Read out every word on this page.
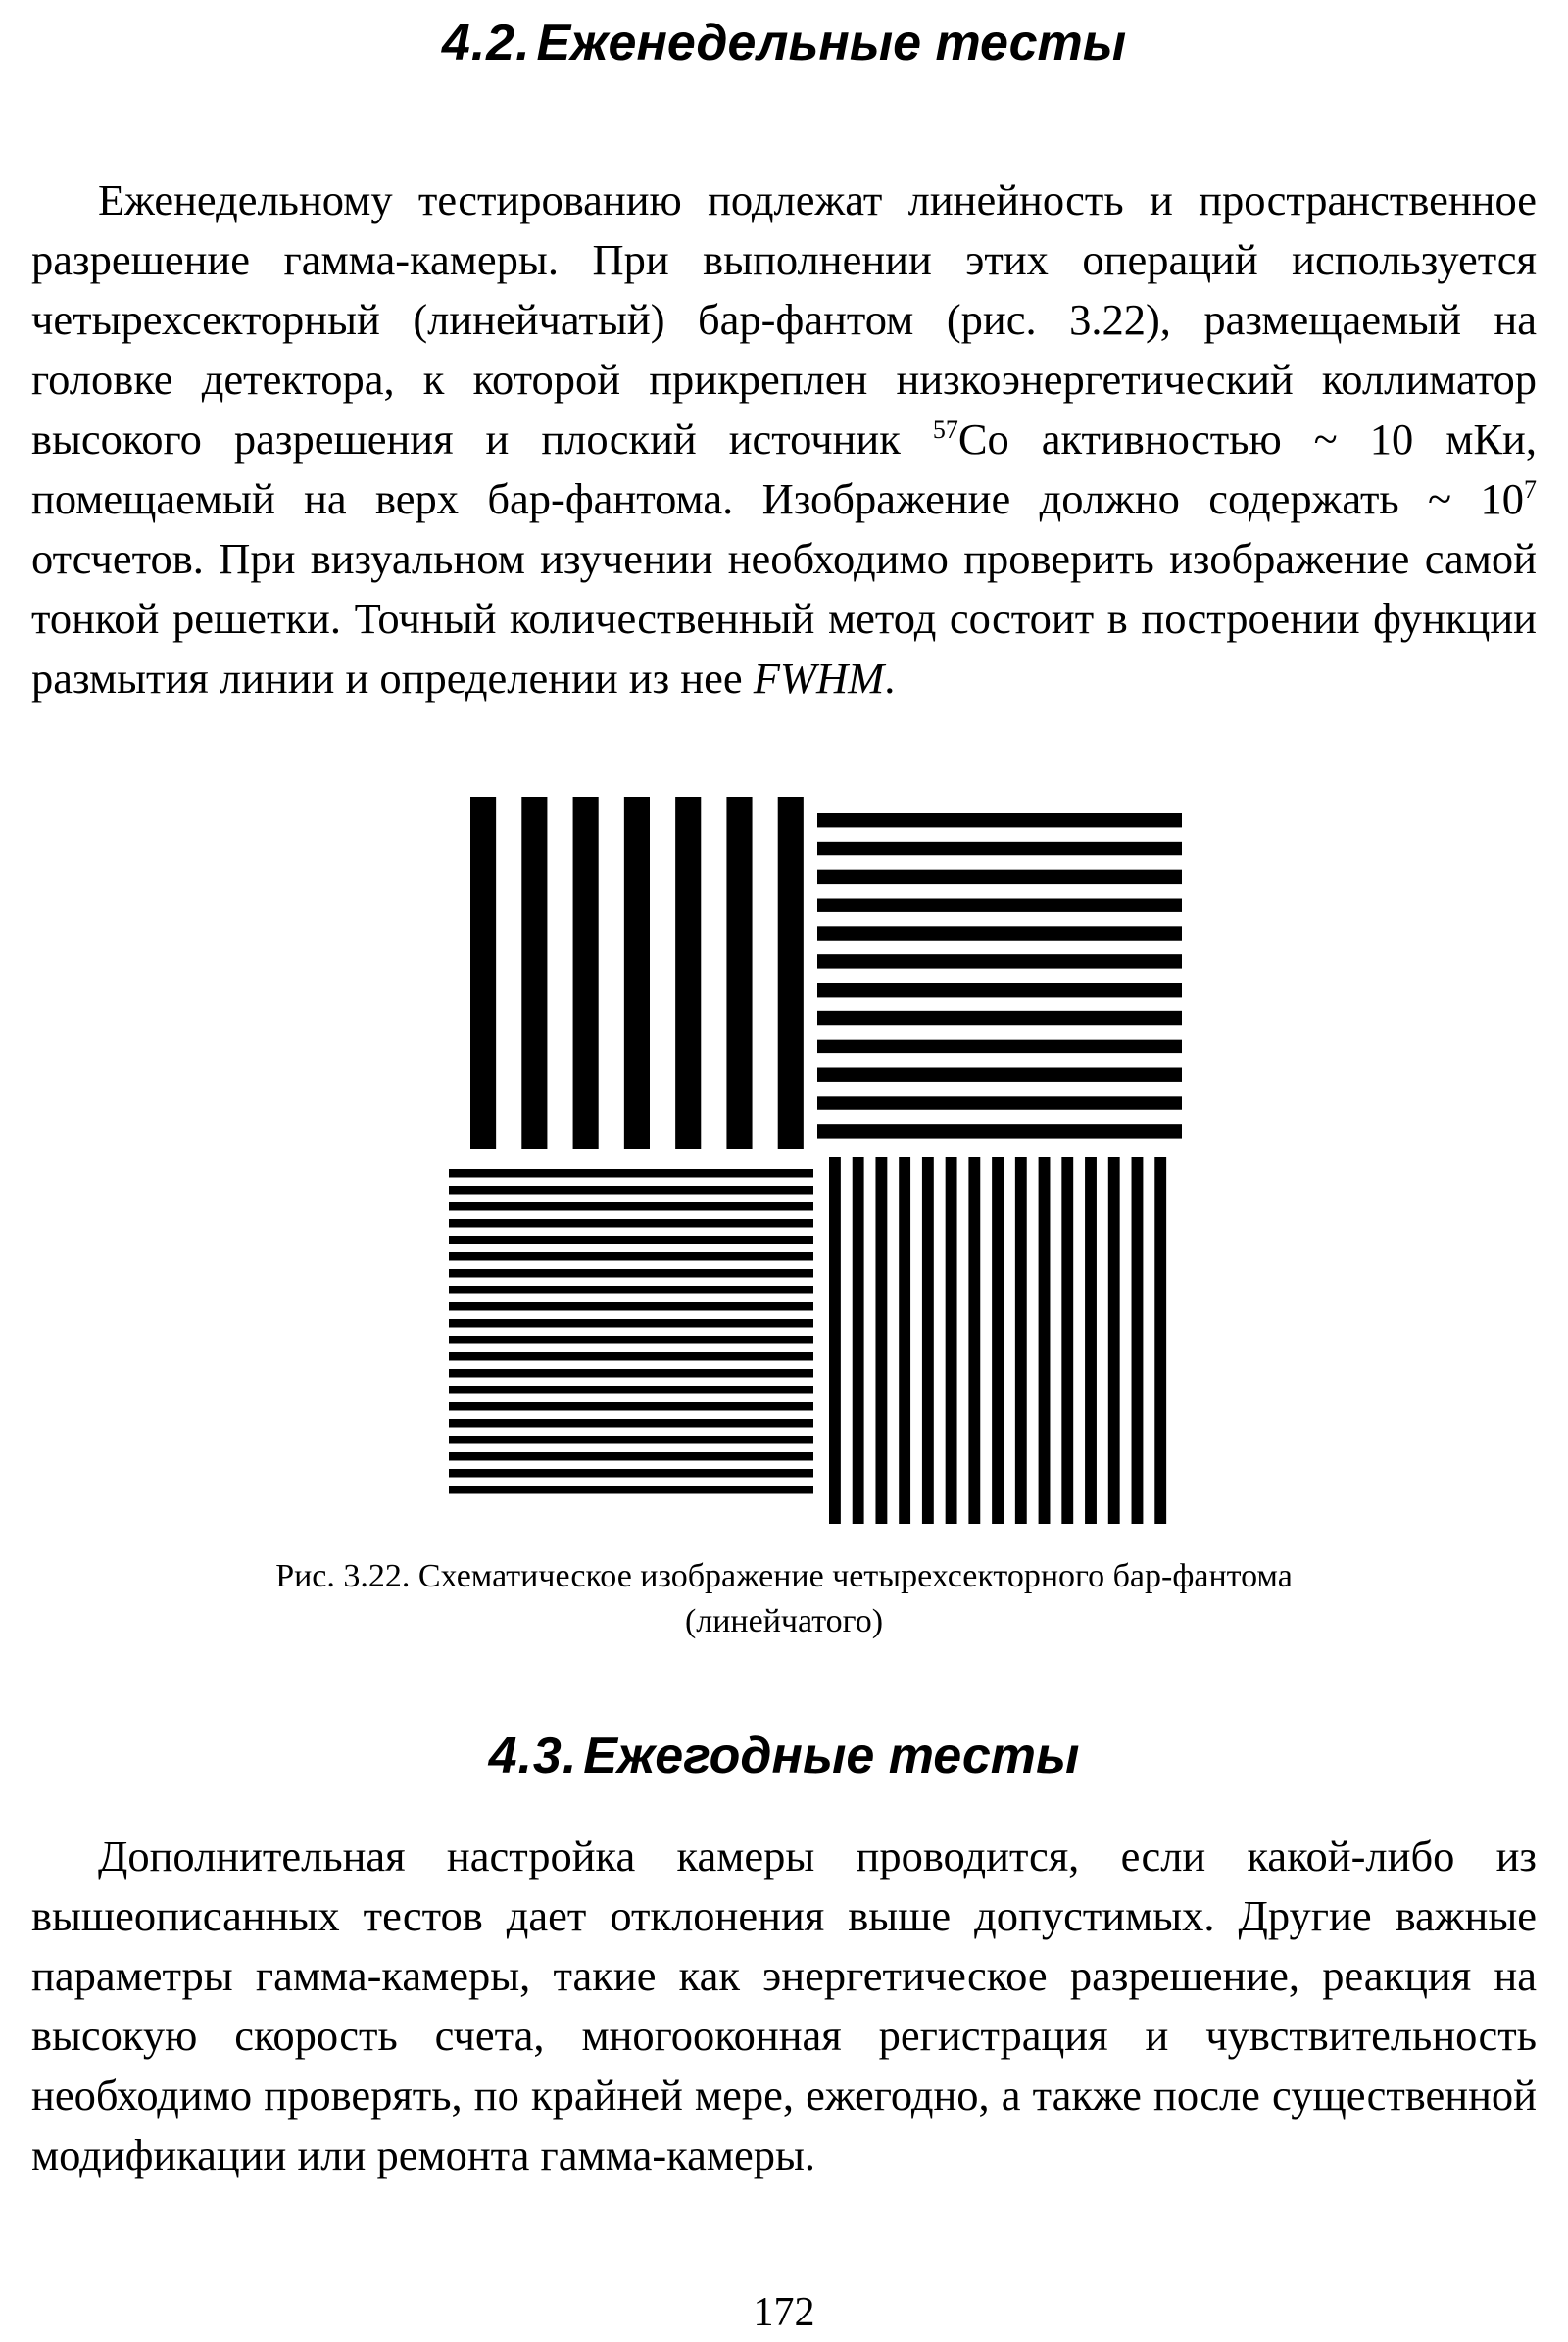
4.2. Еженедельные тесты

Еженедельному тестированию подлежат линейность и пространственное разрешение гамма-камеры. При выполнении этих операций используется четырехсекторный (линейчатый) бар-фантом (рис. 3.22), размещаемый на головке детектора, к которой прикреплен низкоэнергетический коллиматор высокого разрешения и плоский источник $^{57}$Co активностью ~ 10 мКи, помещаемый на верх бар-фантома. Изображение должно содержать ~ $10^7$ отсчетов. При визуальном изучении необходимо проверить изображение самой тонкой решетки. Точный количественный метод состоит в построении функции размытия линии и определении из нее FWHM.

Рис. 3.22. Схематическое изображение четырехсекторного бар-фантома
(линейчатого)

4.3. Ежегодные тесты

Дополнительная настройка камеры проводится, если какой-либо из вышеописанных тестов дает отклонения выше допустимых. Другие важные параметры гамма-камеры, такие как энергетическое разрешение, реакция на высокую скорость счета, многооконная регистрация и чувствительность необходимо проверять, по крайней мере, ежегодно, а также после существенной модификации или ремонта гамма-камеры.

172
